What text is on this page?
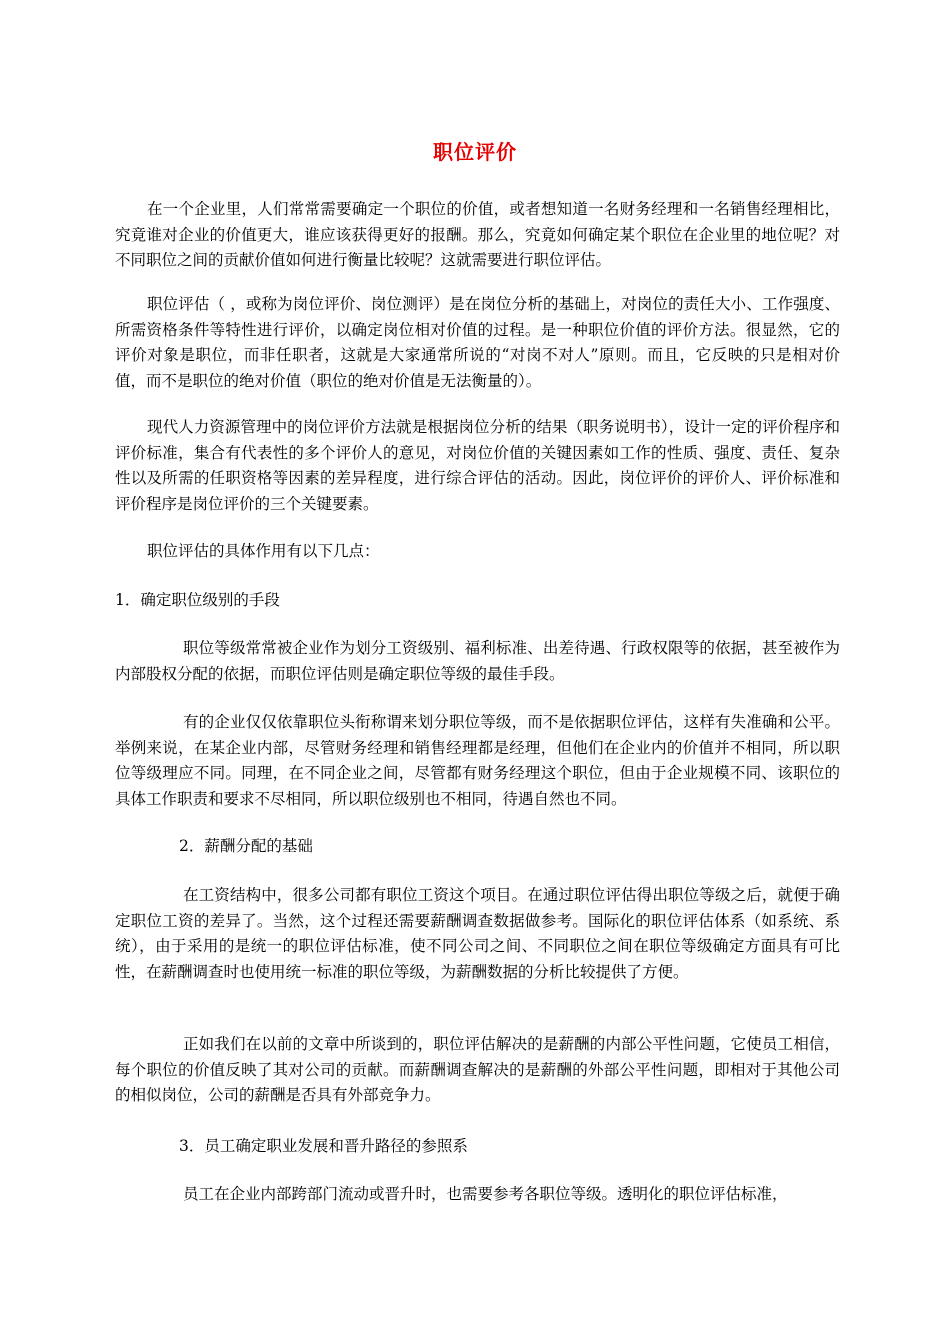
职位评价

在一个企业里，人们常常需要确定一个职位的价值，或者想知道一名财务经理和一名销售经理相比，究竟谁对企业的价值更大，谁应该获得更好的报酬。那么，究竟如何确定某个职位在企业里的地位呢？对不同职位之间的贡献价值如何进行衡量比较呢？这就需要进行职位评估。

职位评估（ ，或称为岗位评价、岗位测评）是在岗位分析的基础上，对岗位的责任大小、工作强度、所需资格条件等特性进行评价，以确定岗位相对价值的过程。是一种职位价值的评价方法。很显然，它的评价对象是职位，而非任职者，这就是大家通常所说的“对岗不对人”原则。而且，它反映的只是相对价值，而不是职位的绝对价值（职位的绝对价值是无法衡量的）。

现代人力资源管理中的岗位评价方法就是根据岗位分析的结果（职务说明书），设计一定的评价程序和评价标准，集合有代表性的多个评价人的意见，对岗位价值的关键因素如工作的性质、强度、责任、复杂性以及所需的任职资格等因素的差异程度，进行综合评估的活动。因此，岗位评价的评价人、评价标准和评价程序是岗位评价的三个关键要素。

职位评估的具体作用有以下几点：

1．确定职位级别的手段

职位等级常常被企业作为划分工资级别、福利标准、出差待遇、行政权限等的依据，甚至被作为内部股权分配的依据，而职位评估则是确定职位等级的最佳手段。

有的企业仅仅依靠职位头衔称谓来划分职位等级，而不是依据职位评估，这样有失准确和公平。举例来说，在某企业内部，尽管财务经理和销售经理都是经理，但他们在企业内的价值并不相同，所以职位等级理应不同。同理，在不同企业之间，尽管都有财务经理这个职位，但由于企业规模不同、该职位的具体工作职责和要求不尽相同，所以职位级别也不相同，待遇自然也不同。

2．薪酬分配的基础

在工资结构中，很多公司都有职位工资这个项目。在通过职位评估得出职位等级之后，就便于确定职位工资的差异了。当然，这个过程还需要薪酬调查数据做参考。国际化的职位评估体系（如系统、系统），由于采用的是统一的职位评估标准，使不同公司之间、不同职位之间在职位等级确定方面具有可比性，在薪酬调查时也使用统一标准的职位等级，为薪酬数据的分析比较提供了方便。

正如我们在以前的文章中所谈到的，职位评估解决的是薪酬的内部公平性问题，它使员工相信，每个职位的价值反映了其对公司的贡献。而薪酬调查解决的是薪酬的外部公平性问题，即相对于其他公司的相似岗位，公司的薪酬是否具有外部竞争力。

3．员工确定职业发展和晋升路径的参照系

员工在企业内部跨部门流动或晋升时，也需要参考各职位等级。透明化的职位评估标准，
